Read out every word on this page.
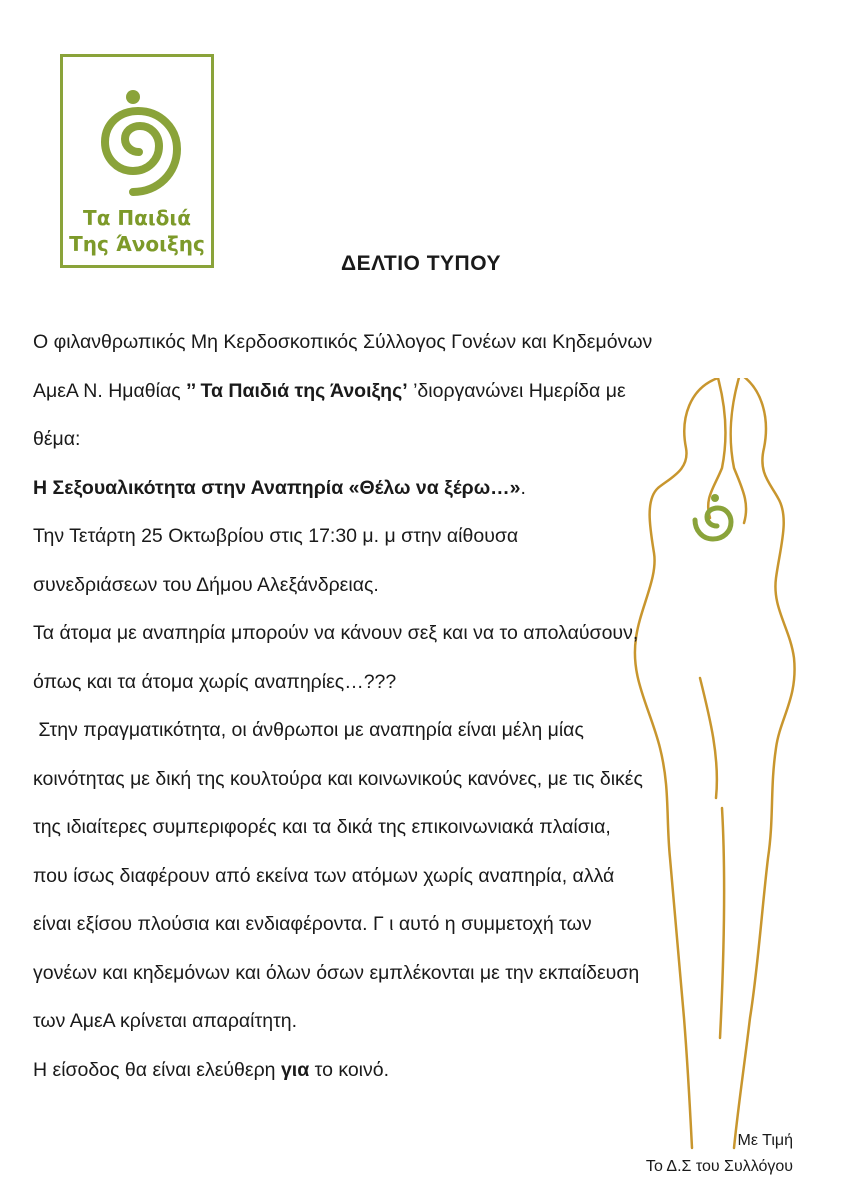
Τα Παιδιά
Της Άνοιξης
ΔΕΛΤΙΟ ΤΥΠΟΥ

Ο φιλανθρωπικός Μη Κερδοσκοπικός Σύλλογος Γονέων και Κηδεμόνων

ΑμεΑ Ν. Ημαθίας ’’ Τα Παιδιά της Άνοιξης’ ’διοργανώνει Ημερίδα με

θέμα:

Η Σεξουαλικότητα στην Αναπηρία «Θέλω να ξέρω…».

Την Τετάρτη 25 Οκτωβρίου στις 17:30 μ. μ στην αίθουσα

συνεδριάσεων του Δήμου Αλεξάνδρειας.

Τα άτομα με αναπηρία μπορούν να κάνουν σεξ και να το απολαύσουν,

όπως και τα άτομα χωρίς αναπηρίες…???

Στην πραγματικότητα, οι άνθρωποι με αναπηρία είναι μέλη μίας

κοινότητας με δική της κουλτούρα και κοινωνικούς κανόνες, με τις δικές

της ιδιαίτερες συμπεριφορές και τα δικά της επικοινωνιακά πλαίσια,

που ίσως διαφέρουν από εκείνα των ατόμων χωρίς αναπηρία, αλλά

είναι εξίσου πλούσια και ενδιαφέροντα. Γ ι αυτό η συμμετοχή των

γονέων και κηδεμόνων και όλων όσων εμπλέκονται με την εκπαίδευση

των ΑμεΑ κρίνεται απαραίτητη.

Η είσοδος θα είναι ελεύθερη για το κοινό.

Με Τιμή
Το Δ.Σ του Συλλόγου
